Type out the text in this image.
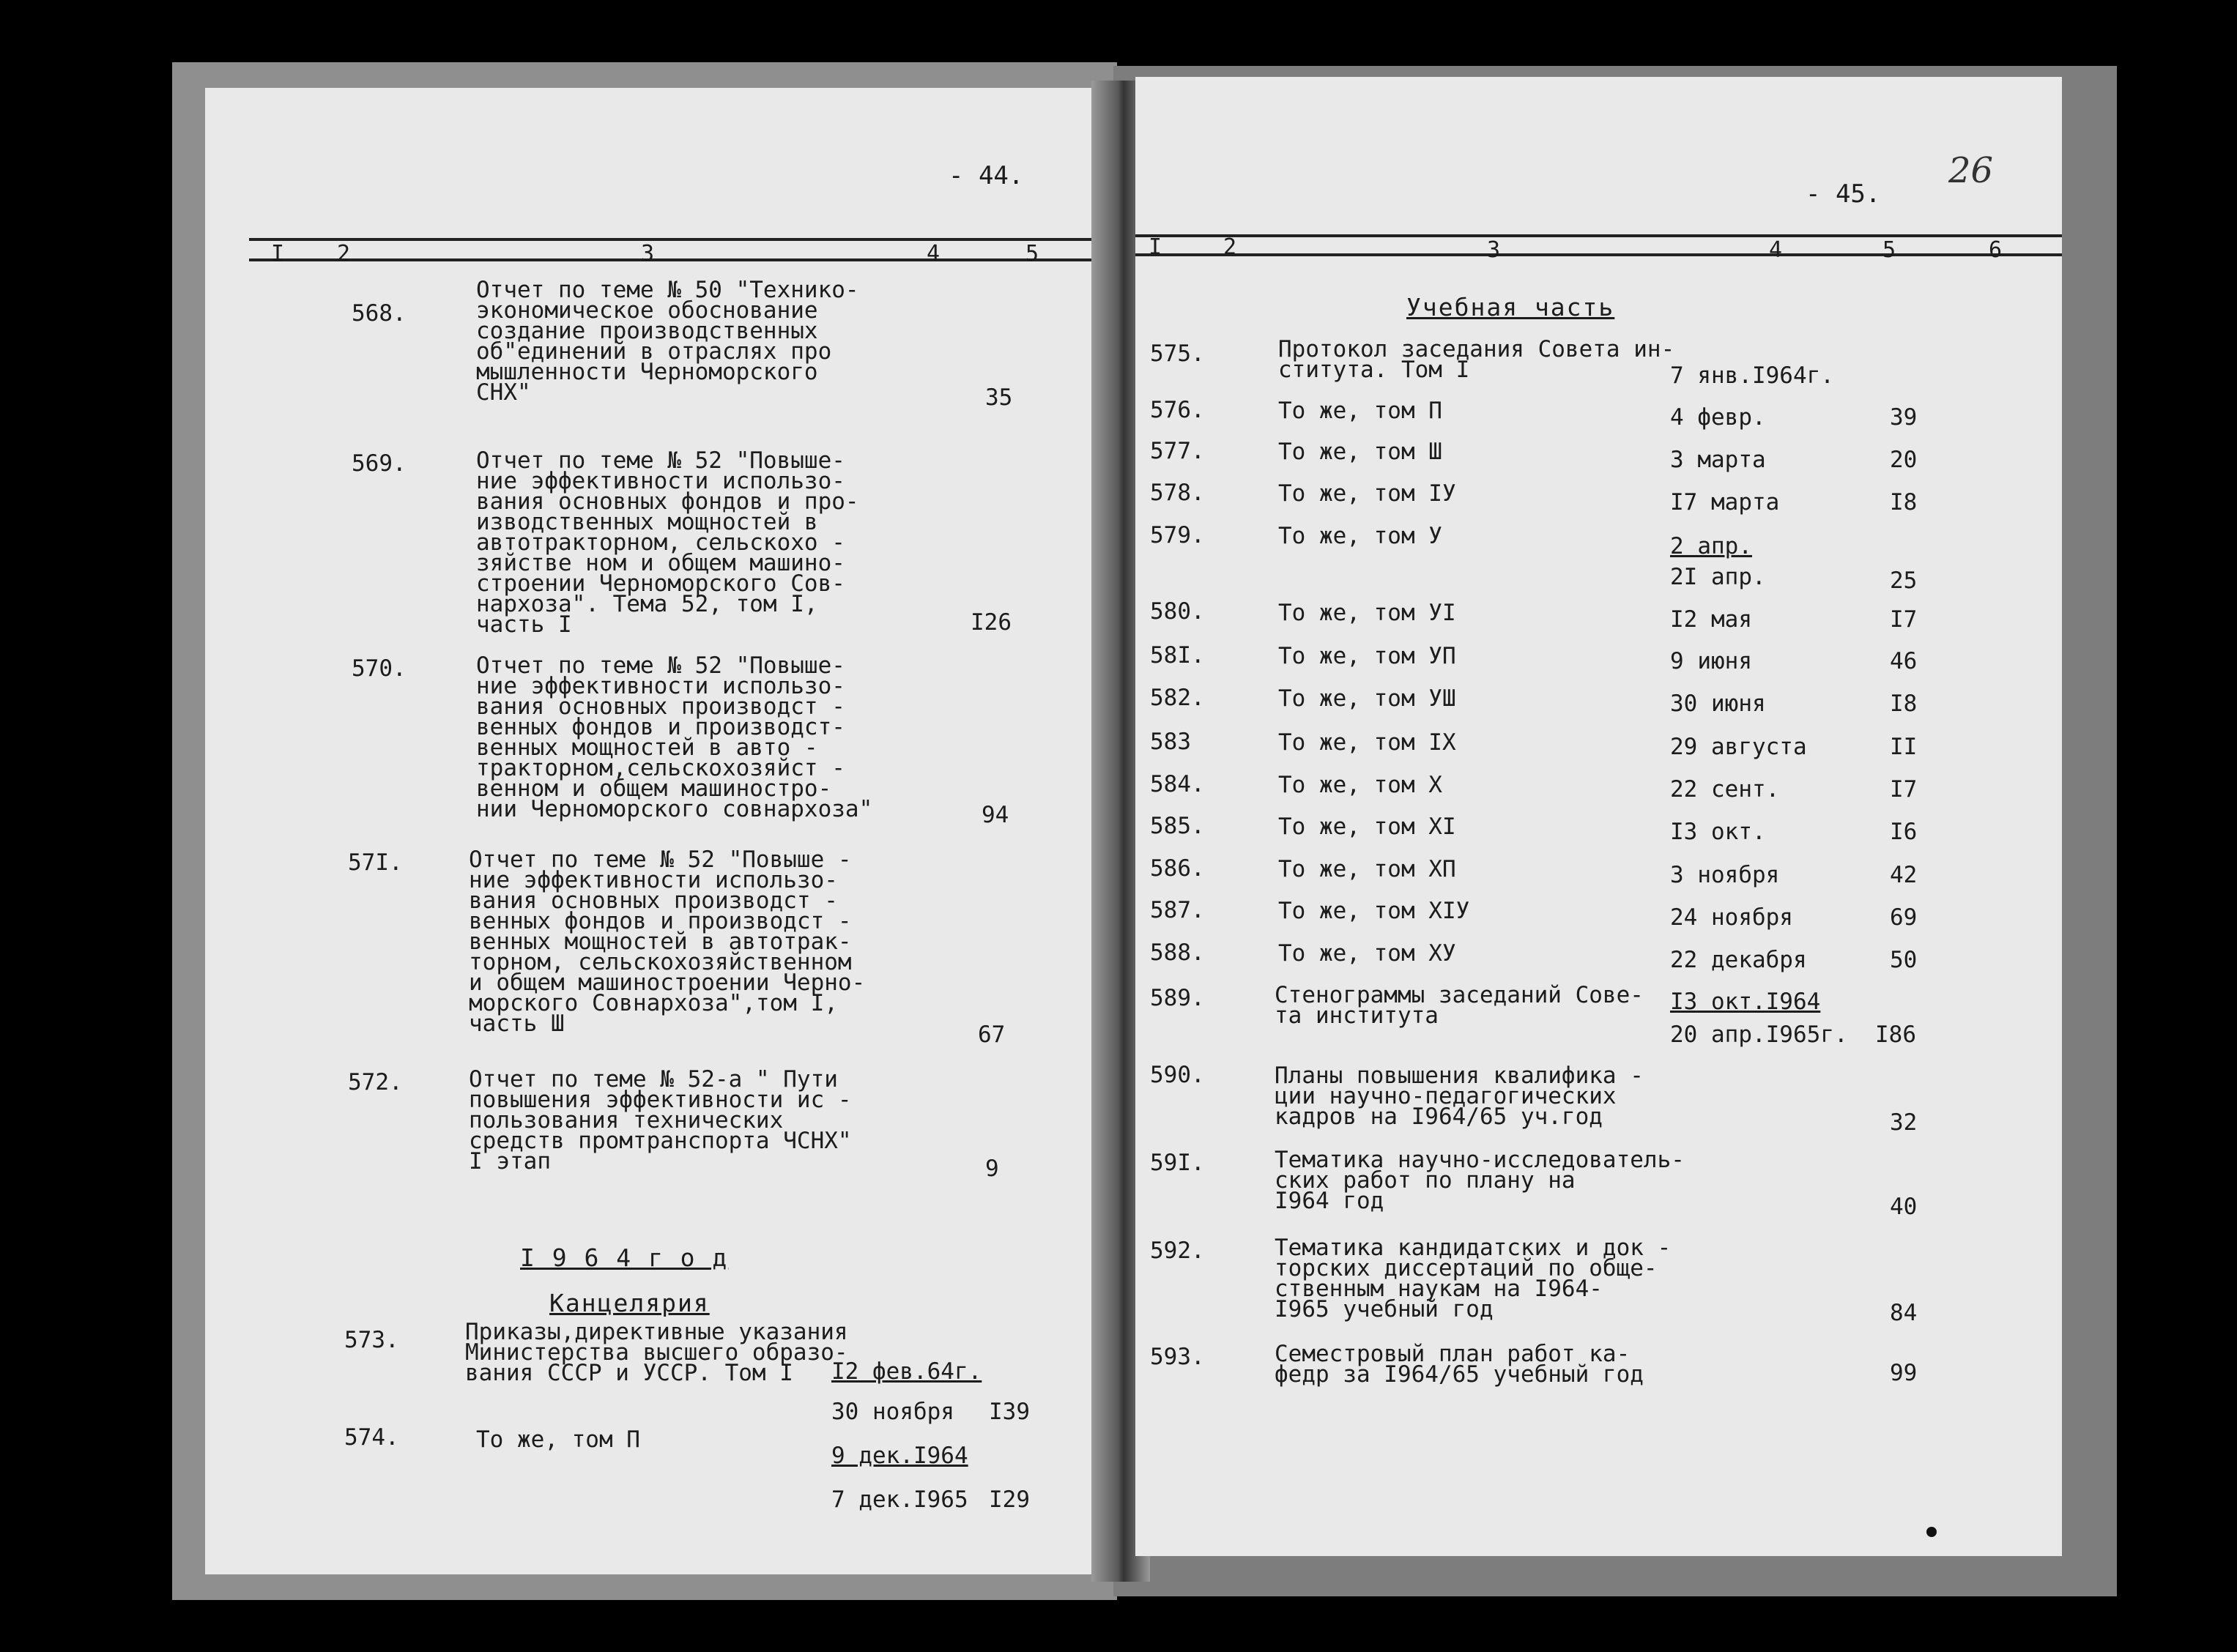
- 44.
I 2	3	4	5
568.
Отчет по теме № 50 "Технико-
экономическое обоснование
создание производственных
об"единений в отраслях про
мышленности Черноморского
СНХ"	35
569.	Отчет по теме № 52 "Повыше-
ние эффективности использо-
вания основных фондов и про-
изводственных мощностей в
автотракторном, сельскохо -
зяйстве ном и общем машино-
строении Черноморского Сов-
нархоза". Тема 52, том I,
часть I	I26
570.	Отчет по теме № 52 "Повыше-
ние эффективности использо-
вания основных производст -
венных фондов и производст-
венных мощностей в авто -
тракторном,сельскохозяйст -
венном и общем машиностро-
нии Черноморского совнархоза"	94
57I.	Отчет по теме № 52 "Повыше -
ние эффективности использо-
вания основных производст -
венных фондов и производст -
венных мощностей в автотрак-
торном, сельскохозяйственном
и общем машиностроении Черно-
морского Совнархоза",том I,
часть Ш	67
572.	Отчет по теме № 52-а " Пути
повышения эффективности ис -
пользования технических
средств промтранспорта ЧСНХ"
I этап	9
I 9 6 4 г о д
Канцелярия
573.	Приказы,директивные указания
Министерства высшего образо-
вания СССР и УССР. Том I	I2 фев.64г.
30 ноября I39
574.	То же, том П
9 дек.I964
7 дек.I965 I29
- 45.
26
I	2	3	4	5	6
Учебная часть
575.	Протокол заседания Совета ин-
ститута. Том I	7 янв.I964г.
576.	То же, том П	4 февр.	39
577.	То же, том Ш	3 марта	20
578.	То же, том IУ	I7 марта	I8
579.	То же, том У	2 апр.
2I апр.	25
580.	То же, том УI	I2 мая	I7
58I.	То же, том УП	9 июня	46
582.	То же, том УШ	30 июня	I8
583	То же, том IХ	29 августа	II
584.	То же, том Х	22 сент.	I7
585.	То же, том ХI	I3 окт.	I6
586.	То же, том ХП	3 ноября	42
587.	То же, том ХIУ	24 ноября	69
588.	То же, том ХУ	22 декабря	50
589.	Стенограммы заседаний Сове-
та института
I3 окт.I964
20 апр.I965г. I86
590.	Планы повышения квалифика -
ции научно-педагогических
кадров на I964/65 уч.год	32
59I.	Тематика научно-исследователь-
ских работ по плану на
I964 год	40
592.	Тематика кандидатских и док -
торских диссертаций по обще-
ственным наукам на I964-
I965 учебный год	84
593.	Семестровый план работ ка-
федр за I964/65 учебный год	99
